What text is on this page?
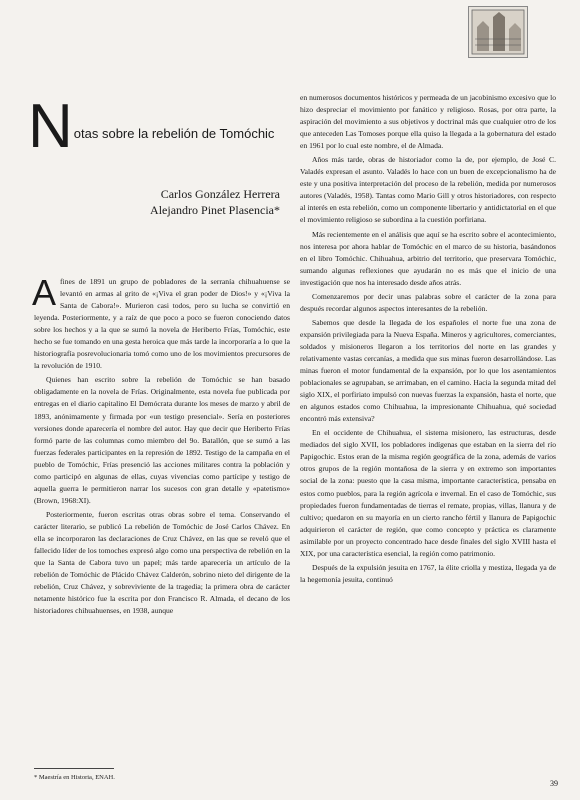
N otas sobre la rebelión de Tomóchic
Carlos González Herrera
Alejandro Pinet Plasencia*

Afines de 1891 un grupo de pobladores de la serranía chihuahuense se levantó en armas al grito de «¡Viva el gran poder de Dios!» y «¡Viva la Santa de Cabora!». Murieron casi todos, pero su lucha se convirtió en leyenda. Posteriormente, y a raíz de que poco a poco se fueron conociendo datos sobre los hechos y a la que se sumó la novela de Heriberto Frías, Tomóchic, este hecho se fue tomando en una gesta heroica que más tarde la incorporaría a lo que la historiografía posrevolucionaria tomó como uno de los movimientos precursores de la revolución de 1910.

Quienes han escrito sobre la rebelión de Tomóchic se han basado obligadamente en la novela de Frías. Originalmente, esta novela fue publicada por entregas en el diario capitalino El Demócrata durante los meses de marzo y abril de 1893, anónimamente y firmada por «un testigo presencial». Sería en posteriores versiones donde aparecería el nombre del autor. Hay que decir que Heriberto Frías formó parte de las columnas como miembro del 9o. Batallón, que se sumó a las fuerzas federales participantes en la represión de 1892. Testigo de la campaña en el pueblo de Tomóchic, Frías presenció las acciones militares contra la población y como participó en algunas de ellas, cuyas vivencias como partícipe y testigo de aquella guerra le permitieron narrar los sucesos con gran detalle y «patetismo» (Brown, 1968:XI).

Posteriormente, fueron escritas otras obras sobre el tema. Conservando el carácter literario, se publicó La rebelión de Tomóchic de José Carlos Chávez. En ella se incorporaron las declaraciones de Cruz Chávez, en las que se reveló que el fallecido líder de los tomoches expresó algo como una perspectiva de rebelión en la que la Santa de Cabora tuvo un papel; más tarde aparecería un artículo de la rebelión de Tomóchic de Plácido Chávez Calderón, sobrino nieto del dirigente de la rebelión, Cruz Chávez, y sobreviviente de la tragedia; la primera obra de carácter netamente histórico fue la escrita por don Francisco R. Almada, el decano de los historiadores chihuahuenses, en 1938, aunque

en numerosos documentos históricos y permeada de un jacobinismo excesivo que lo hizo despreciar el movimiento por fanático y religioso. Rosas, por otra parte, la aspiración del movimiento a sus objetivos y doctrinal más que cualquier otro de los que anteceden Las Tomoses porque ella quiso la llegada a la gobernatura del estado en 1961 por lo cual este nombre, el de Almada.

Años más tarde, obras de historiador como la de, por ejemplo, de José C. Valadés expresan el asunto. Valadés lo hace con un buen de excepcionalismo ha de este y una positiva interpretación del proceso de la rebelión, medida por numerosos autores (Valadés, 1958). Tantas como Mario Gill y otros historiadores, con respecto al interés en esta rebelión, como un componente libertario y antidictatorial en el que el movimiento religioso se subordina a la cuestión porfiriana.

Más recientemente en el análisis que aquí se ha escrito sobre el acontecimiento, nos interesa por ahora hablar de Tomóchic en el marco de su historia, basándonos en el libro Tomóchic. Chihuahua, arbitrio del territorio, que preservara Tomóchic, sumando algunas reflexiones que ayudarán no es más que el inicio de una investigación que nos ha interesado desde años atrás.

Comenzaremos por decir unas palabras sobre el carácter de la zona para después recordar algunos aspectos interesantes de la rebelión.

Sabemos que desde la llegada de los españoles el norte fue una zona de expansión privilegiada para la Nueva España. Mineros y agricultores, comerciantes, soldados y misioneros llegaron a los territorios del norte en las grandes y relativamente vastas cercanías, a medida que sus minas fueron desarrollándose. Las minas fueron el motor fundamental de la expansión, por lo que los asentamientos poblacionales se agrupaban, se arrimaban, en el camino. Hacia la segunda mitad del siglo XIX, el porfiriato impulsó con nuevas fuerzas la expansión, hasta el norte, que en algunos estados como Chihuahua, la impresionante Chihuahua, qué sociedad encontró más extensiva?

En el occidente de Chihuahua, el sistema misionero, las estructuras, desde mediados del siglo XVII, los pobladores indígenas que estaban en la sierra del río Papigochic. Estos eran de la misma región geográfica de la zona, además de varios otros grupos de la región montañosa de la sierra y en extremo son importantes social de la zona: puesto que la casa misma, importante característica, pensaba en estos como pueblos, para la región agrícola e invernal. En el caso de Tomóchic, sus propiedades fueron fundamentadas de tierras el remate, propias, villas, llanura y de cultivo; quedaron en su mayoría en un cierto rancho fértil y llanura de Papigochic adquirieron el carácter de región, que como concepto y práctica es claramente asimilable por un proyecto concentrado hace desde finales del siglo XVIII hasta el XIX, por una característica esencial, la región como patrimonio.

Después de la expulsión jesuita en 1767, la élite criolla y mestiza, llegada ya de la hegemonía jesuita, continuó

* Maestría en Historia, ENAH.
39
